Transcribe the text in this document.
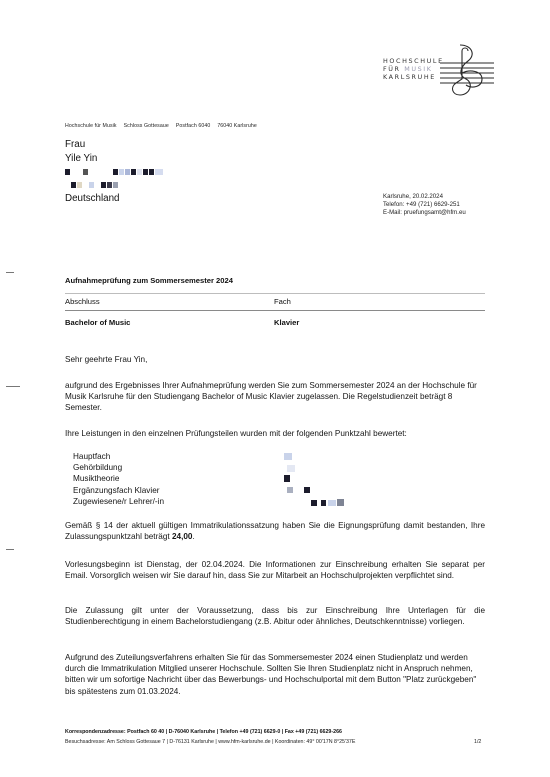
HOCHSCHULE
FÜR MUSIK
KARLSRUHE
Hochschule für Musik Schloss Gottesaue Postfach 6040 76040 Karlsruhe
Frau
Yile Yin
Deutschland	Karlsruhe, 20.02.2024
Telefon: +49 (721) 6629-251
E-Mail: pruefungsamt@hfm.eu
Aufnahmeprüfung zum Sommersemester 2024
Abschluss	Fach
Bachelor of Music	Klavier
Sehr geehrte Frau Yin,
aufgrund des Ergebnisses Ihrer Aufnahmeprüfung werden Sie zum Sommersemester 2024 an der Hochschule für Musik Karlsruhe für den Studiengang Bachelor of Music Klavier zugelassen. Die Regelstudienzeit beträgt 8 Semester.
Ihre Leistungen in den einzelnen Prüfungsteilen wurden mit der folgenden Punktzahl bewertet:
Hauptfach
Gehörbildung
Musiktheorie
Ergänzungsfach Klavier
Zugewiesene/r Lehrer/-in
Gemäß § 14 der aktuell gültigen Immatrikulationssatzung haben Sie die Eignungsprüfung damit bestanden, Ihre Zulassungspunktzahl beträgt 24,00.
Vorlesungsbeginn ist Dienstag, der 02.04.2024. Die Informationen zur Einschreibung erhalten Sie separat per Email. Vorsorglich weisen wir Sie darauf hin, dass Sie zur Mitarbeit an Hochschulprojekten verpflichtet sind.
Die Zulassung gilt unter der Voraussetzung, dass bis zur Einschreibung Ihre Unterlagen für die Studienberechtigung in einem Bachelorstudiengang (z.B. Abitur oder ähnliches, Deutschkenntnisse) vorliegen.
Aufgrund des Zuteilungsverfahrens erhalten Sie für das Sommersemester 2024 einen Studienplatz und werden durch die Immatrikulation Mitglied unserer Hochschule. Sollten Sie Ihren Studienplatz nicht in Anspruch nehmen, bitten wir um sofortige Nachricht über das Bewerbungs- und Hochschulportal mit dem Button "Platz zurückgeben" bis spätestens zum 01.03.2024.
Korrespondenzadresse: Postfach 60 40 | D-76040 Karlsruhe | Telefon +49 (721) 6629-0 | Fax +49 (721) 6629-266
Besuchsadresse: Am Schloss Gottesaue 7 | D-76131 Karlsruhe | www.hfm-karlsruhe.de | Koordinaten: 49° 00'17N 8°25'37E	1/2
